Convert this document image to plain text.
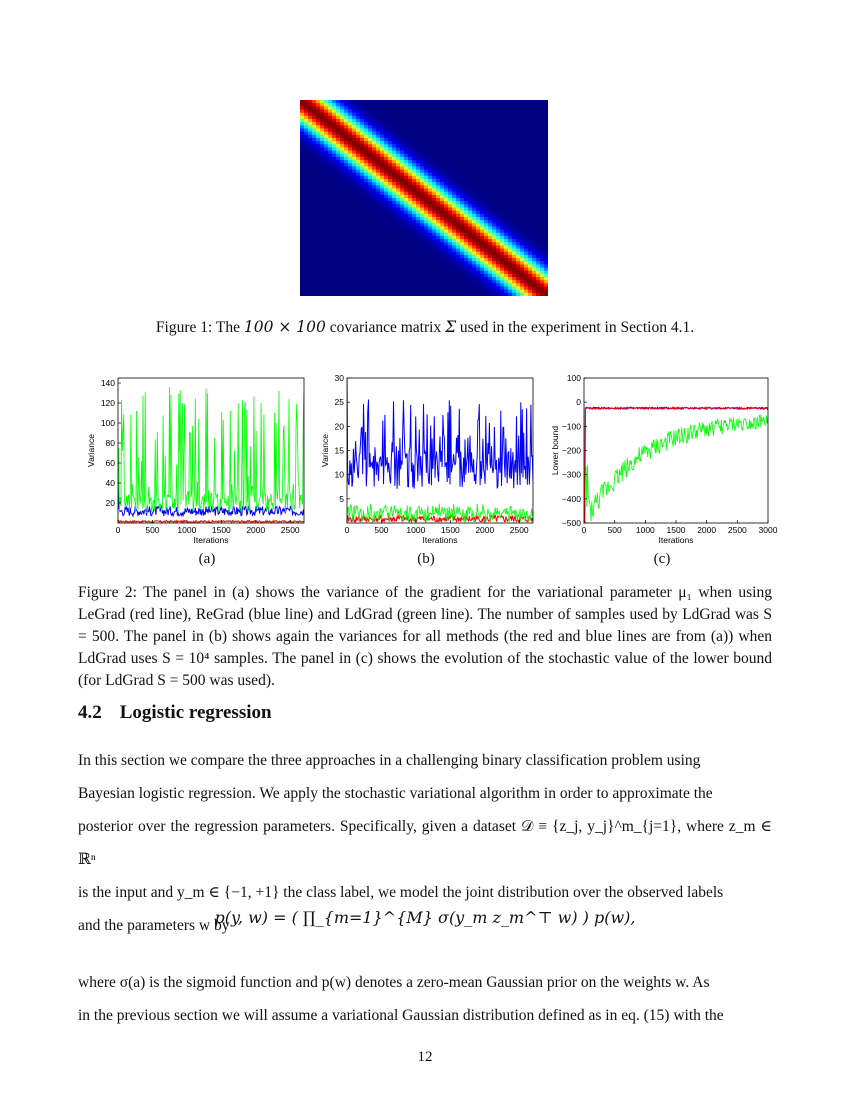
Figure 1: The 100 × 100 covariance matrix Σ used in the experiment in Section 4.1.
0	500 1000 1500 2000 2500
20
40
60
80
100
120
140
Iterations
Variance
0	500 1000 1500 2000 2500
5
10
15
20
25
30
Iterations
Variance
0 500 1000 1500 2000 2500 3000
−500
−400
−300
−200
−100
0
100
Iterations
Lower bound
(a)	(b)	(c)
Figure 2: The panel in (a) shows the variance of the gradient for the variational parameter μ₁ when using LeGrad (red line), ReGrad (blue line) and LdGrad (green line). The number of samples used by LdGrad was S = 500. The panel in (b) shows again the variances for all methods (the red and blue lines are from (a)) when LdGrad uses S = 10⁴ samples. The panel in (c) shows the evolution of the stochastic value of the lower bound (for LdGrad S = 500 was used).
4.2 Logistic regression

In this section we compare the three approaches in a challenging binary classification problem using

Bayesian logistic regression. We apply the stochastic variational algorithm in order to approximate the

posterior over the regression parameters. Specifically, given a dataset 𝒟 ≡ {z_j, y_j}^m_{j=1}, where z_m ∈ ℝⁿ

is the input and y_m ∈ {−1, +1} the class label, we model the joint distribution over the observed labels

and the parameters w by

p(y, w) = ( ∏_{m=1}^{M} σ(y_m z_m^⊤ w) ) p(w),

where σ(a) is the sigmoid function and p(w) denotes a zero-mean Gaussian prior on the weights w. As

in the previous section we will assume a variational Gaussian distribution defined as in eq. (15) with the

12
